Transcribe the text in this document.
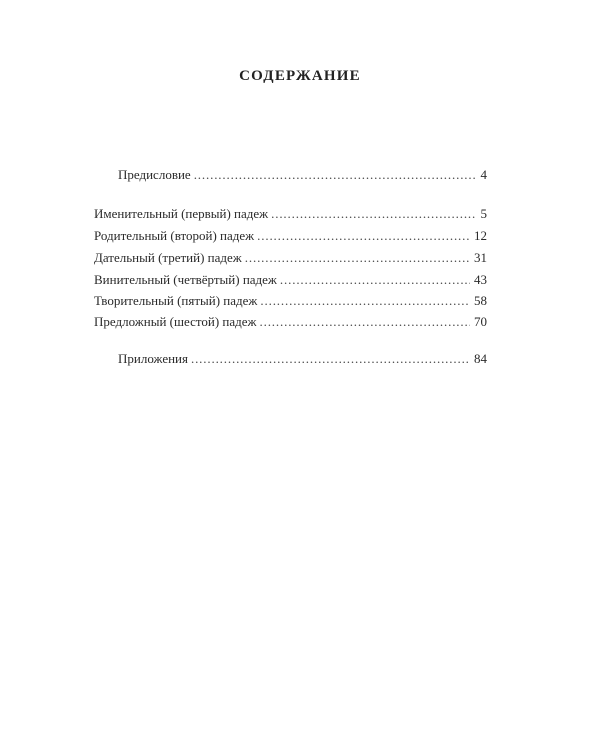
СОДЕРЖАНИЕ
Предисловие . . .	4
Именительный (первый) падеж . . .	5
Родительный (второй) падеж . . .	12
Дательный (третий) падеж . . .	31
Винительный (четвёртый) падеж . . .	43
Творительный (пятый) падеж . . .	58
Предложный (шестой) падеж . . .	70
Приложения . . .	84
